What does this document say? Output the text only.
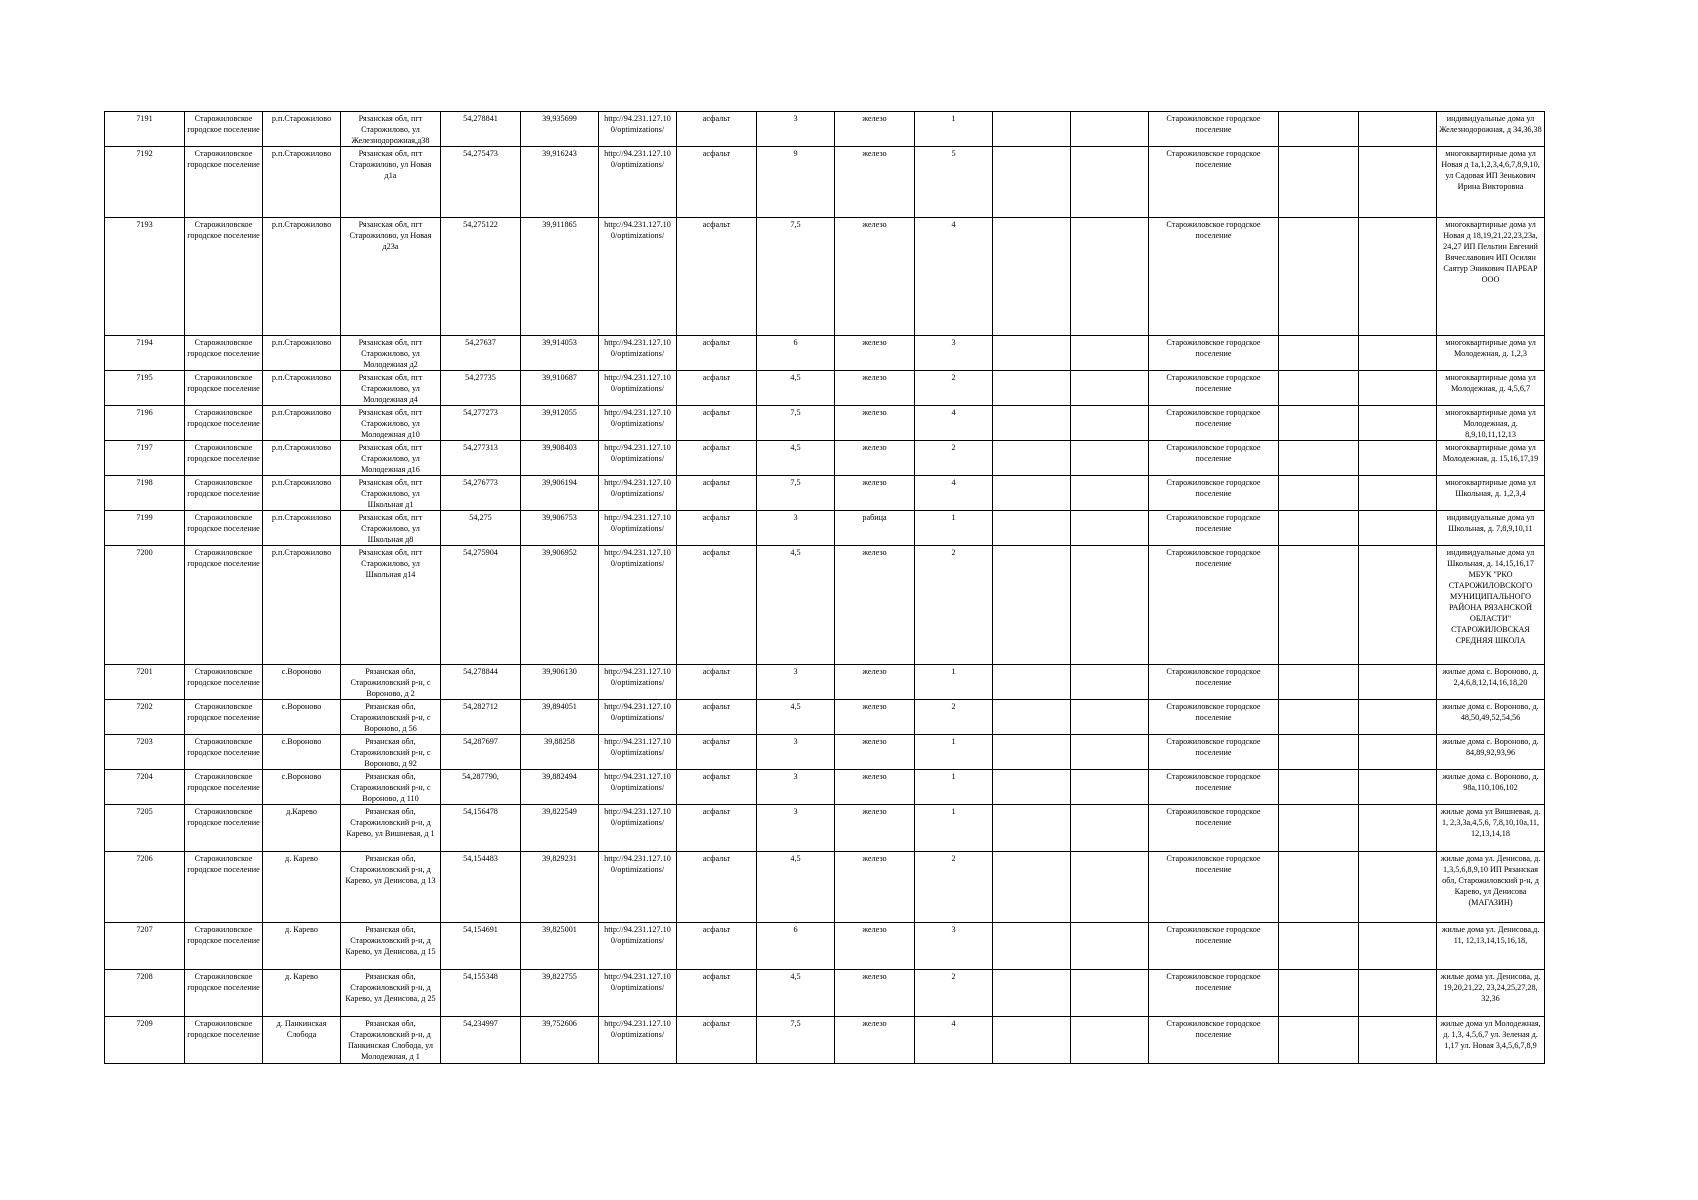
7191	Старожиловское городское поселение	р.п.Старожилово	Рязанская обл, пгт Старожилово, ул Железнодорожная,д38	54,278841	39,935699	http://94.231.127.10 0/optimizations/	асфальт	3	железо	1			Старожиловское городское поселение			индивидуальные дома ул Железнодорожная, д 34,36,38
7192	Старожиловское городское поселение	р.п.Старожилово	Рязанская обл, пгт Старожилово, ул Новая д1а	54,275473	39,916243	http://94.231.127.10 0/optimizations/	асфальт	9	железо	5			Старожиловское городское поселение			многоквартирные дома ул Новая д 1а,1,2,3,4,6,7,8,9,10, ул Садовая ИП Зенькович Ирина Викторовна
7193	Старожиловское городское поселение	р.п.Старожилово	Рязанская обл, пгт Старожилово, ул Новая д23а	54,275122	39,911865	http://94.231.127.10 0/optimizations/	асфальт	7,5	железо	4			Старожиловское городское поселение			многоквартирные дома ул Новая д 18,19,21,22,23,23а, 24,27 ИП Пельтин Евгений Вячеславович ИП Осилян Саятур Эникович ПАРБАР ООО
7194	Старожиловское городское поселение	р.п.Старожилово	Рязанская обл, пгт Старожилово, ул Молодежная д2	54,27637	39,914053	http://94.231.127.10 0/optimizations/	асфальт	6	железо	3			Старожиловское городское поселение			многоквартирные дома ул Молодежная, д. 1,2,3
7195	Старожиловское городское поселение	р.п.Старожилово	Рязанская обл, пгт Старожилово, ул Молодежная д4	54,27735	39,910687	http://94.231.127.10 0/optimizations/	асфальт	4,5	железо	2			Старожиловское городское поселение			многоквартирные дома ул Молодежная, д. 4,5,6,7
7196	Старожиловское городское поселение	р.п.Старожилово	Рязанская обл, пгт Старожилово, ул Молодежная д10	54,277273	39,912055	http://94.231.127.10 0/optimizations/	асфальт	7,5	железо	4			Старожиловское городское поселение			многоквартирные дома ул Молодежная, д. 8,9,10,11,12,13
7197	Старожиловское городское поселение	р.п.Старожилово	Рязанская обл, пгт Старожилово, ул Молодежная д16	54,277313	39,908403	http://94.231.127.10 0/optimizations/	асфальт	4,5	железо	2			Старожиловское городское поселение			многоквартирные дома ул Молодежная, д. 15,16,17,19
7198	Старожиловское городское поселение	р.п.Старожилово	Рязанская обл, пгт Старожилово, ул Школьная д1	54,276773	39,906194	http://94.231.127.10 0/optimizations/	асфальт	7,5	железо	4			Старожиловское городское поселение			многоквартирные дома ул Школьная, д. 1,2,3,4
7199	Старожиловское городское поселение	р.п.Старожилово	Рязанская обл, пгт Старожилово, ул Школьная д8	54,275	39,906753	http://94.231.127.10 0/optimizations/	асфальт	3	рабица	1			Старожиловское городское поселение			индивидуальные дома ул Школьная, д. 7,8,9,10,11
7200	Старожиловское городское поселение	р.п.Старожилово	Рязанская обл, пгт Старожилово, ул Школьная д14	54,275904	39,906952	http://94.231.127.10 0/optimizations/	асфальт	4,5	железо	2			Старожиловское городское поселение			индивидуальные дома ул Школьная, д. 14,15,16,17 МБУК "РКО СТАРОЖИЛОВСКОГО МУНИЦИПАЛЬНОГО РАЙОНА РЯЗАНСКОЙ ОБЛАСТИ" СТАРОЖИЛОВСКАЯ СРЕДНЯЯ ШКОЛА
7201	Старожиловское городское поселение	с.Вороново	Рязанская обл, Старожиловский р-н, с Вороново, д 2	54,278844	39,906130	http://94.231.127.10 0/optimizations/	асфальт	3	железо	1			Старожиловское городское поселение			жилые дома с. Вороново, д. 2,4,6,8,12,14,16,18,20
7202	Старожиловское городское поселение	с.Вороново	Рязанская обл, Старожиловский р-н, с Вороново, д 56	54,282712	39,894051	http://94.231.127.10 0/optimizations/	асфальт	4,5	железо	2			Старожиловское городское поселение			жилые дома с. Вороново, д. 48,50,49,52,54,56
7203	Старожиловское городское поселение	с.Вороново	Рязанская обл, Старожиловский р-н, с Вороново, д 92	54,287697	39,88258	http://94.231.127.10 0/optimizations/	асфальт	3	железо	1			Старожиловское городское поселение			жилые дома с. Вороново, д. 84,89,92,93,96
7204	Старожиловское городское поселение	с.Вороново	Рязанская обл, Старожиловский р-н, с Вороново, д 110	54,287790,	39,882494	http://94.231.127.10 0/optimizations/	асфальт	3	железо	1			Старожиловское городское поселение			жилые дома с. Вороново, д. 98а,110,106,102
7205	Старожиловское городское поселение	д.Карево	Рязанская обл, Старожиловский р-н, д Карево, ул Вишневая, д 1	54,156478	39,822549	http://94.231.127.10 0/optimizations/	асфальт	3	железо	1			Старожиловское городское поселение			жилые дома ул Вишневая, д. 1, 2,3,3а,4,5,6, 7,8,10,10а,11, 12,13,14,18
7206	Старожиловское городское поселение	д. Карево	Рязанская обл, Старожиловский р-н, д Карево, ул Денисова, д 13	54,154483	39,829231	http://94.231.127.10 0/optimizations/	асфальт	4,5	железо	2			Старожиловское городское поселение			жилые дома ул. Денисова, д. 1,3,5,6,8,9,10 ИП Рязанская обл, Старожиловский р-н, д Карево, ул Денисова (МАГАЗИН)
7207	Старожиловское городское поселение	д. Карево	Рязанская обл, Старожиловский р-н, д Карево, ул Денисова, д 15	54,154691	39,825001	http://94.231.127.10 0/optimizations/	асфальт	6	железо	3			Старожиловское городское поселение			жилые дома ул. Денисова,д. 11, 12,13,14,15,16,18,
7208	Старожиловское городское поселение	д. Карево	Рязанская обл, Старожиловский р-н, д Карево, ул Денисова, д 25	54,155348	39,822755	http://94.231.127.10 0/optimizations/	асфальт	4,5	железо	2			Старожиловское городское поселение			жилые дома ул. Денисова, д. 19,20,21,22, 23,24,25,27,28, 32,36
7209	Старожиловское городское поселение	д. Панкинская Слобода	Рязанская обл, Старожиловский р-н, д Панкинская Слобода, ул Молодежная, д 1	54,234997	39,752606	http://94.231.127.10 0/optimizations/	асфальт	7,5	железо	4			Старожиловское городское поселение			жилые дома ул Молодежная, д. 1,3, 4,5,6,7 ул. Зеленая д. 1,17 ул. Новая 3,4,5,6,7,8,9
